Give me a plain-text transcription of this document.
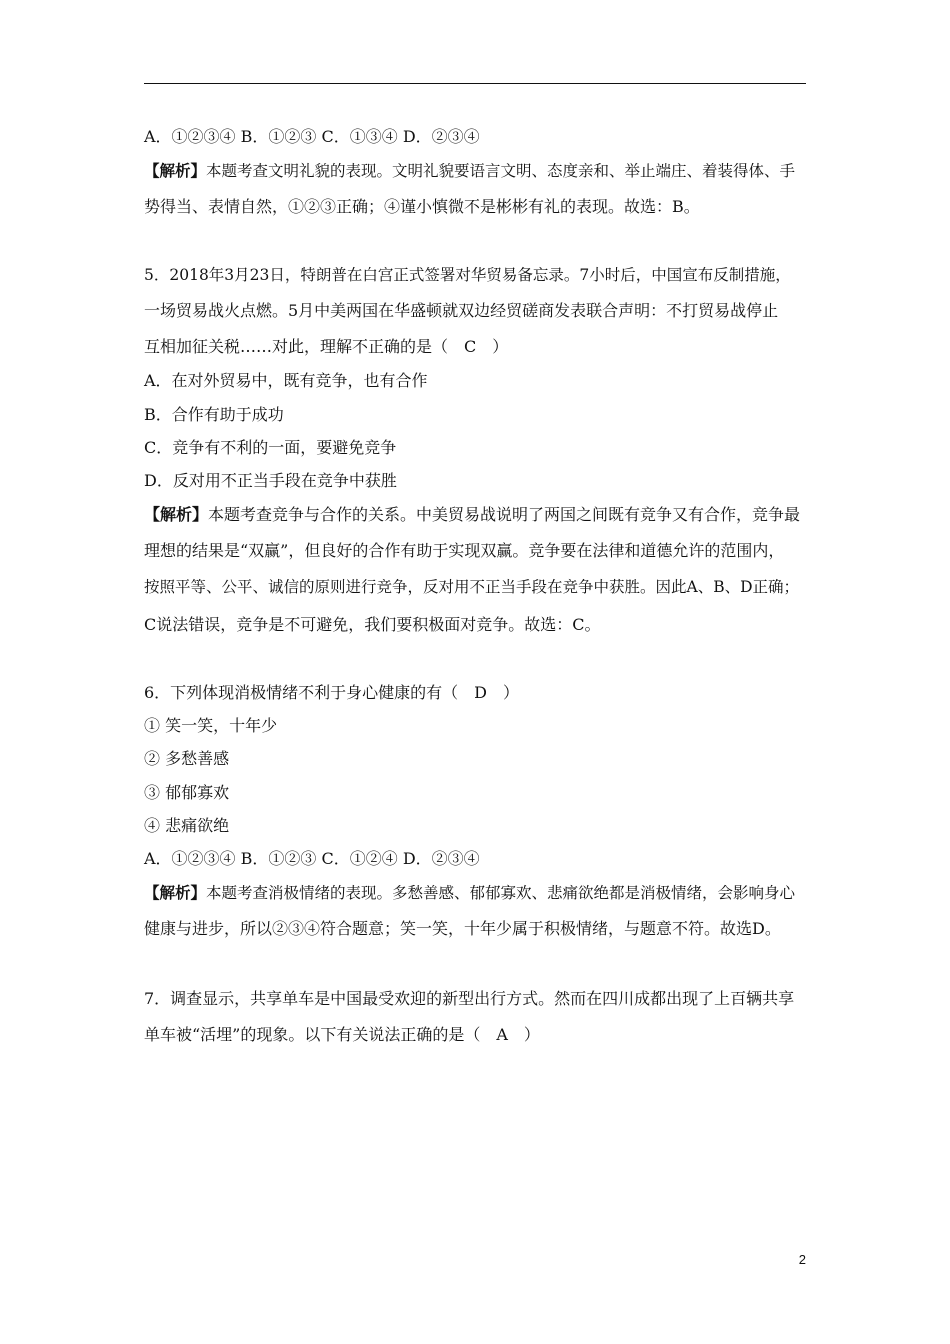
A．①②③④ B．①②③ C．①③④ D．②③④
【解析】本题考查文明礼貌的表现。文明礼貌要语言文明、态度亲和、举止端庄、着装得体、手
势得当、表情自然，①②③正确；④谨小慎微不是彬彬有礼的表现。故选：B。
5．2018年3月23日，特朗普在白宫正式签署对华贸易备忘录。7小时后，中国宣布反制措施，
一场贸易战火点燃。5月中美两国在华盛顿就双边经贸磋商发表联合声明：不打贸易战停止
互相加征关税……对此，理解不正确的是（　C　）
A．在对外贸易中，既有竞争，也有合作
B．合作有助于成功
C．竞争有不利的一面，要避免竞争
D．反对用不正当手段在竞争中获胜
【解析】本题考查竞争与合作的关系。中美贸易战说明了两国之间既有竞争又有合作，竞争最
理想的结果是“双赢”，但良好的合作有助于实现双赢。竞争要在法律和道德允许的范围内，
按照平等、公平、诚信的原则进行竞争，反对用不正当手段在竞争中获胜。因此A、B、D正确；
C说法错误，竞争是不可避免，我们要积极面对竞争。故选：C。
6．下列体现消极情绪不利于身心健康的有（　D　）
① 笑一笑，十年少
② 多愁善感
③ 郁郁寡欢
④ 悲痛欲绝
A．①②③④ B．①②③ C．①②④ D．②③④
【解析】本题考查消极情绪的表现。多愁善感、郁郁寡欢、悲痛欲绝都是消极情绪，会影响身心
健康与进步，所以②③④符合题意；笑一笑，十年少属于积极情绪，与题意不符。故选D。
7．调查显示，共享单车是中国最受欢迎的新型出行方式。然而在四川成都出现了上百辆共享
单车被“活埋”的现象。以下有关说法正确的是（　A　）
2
